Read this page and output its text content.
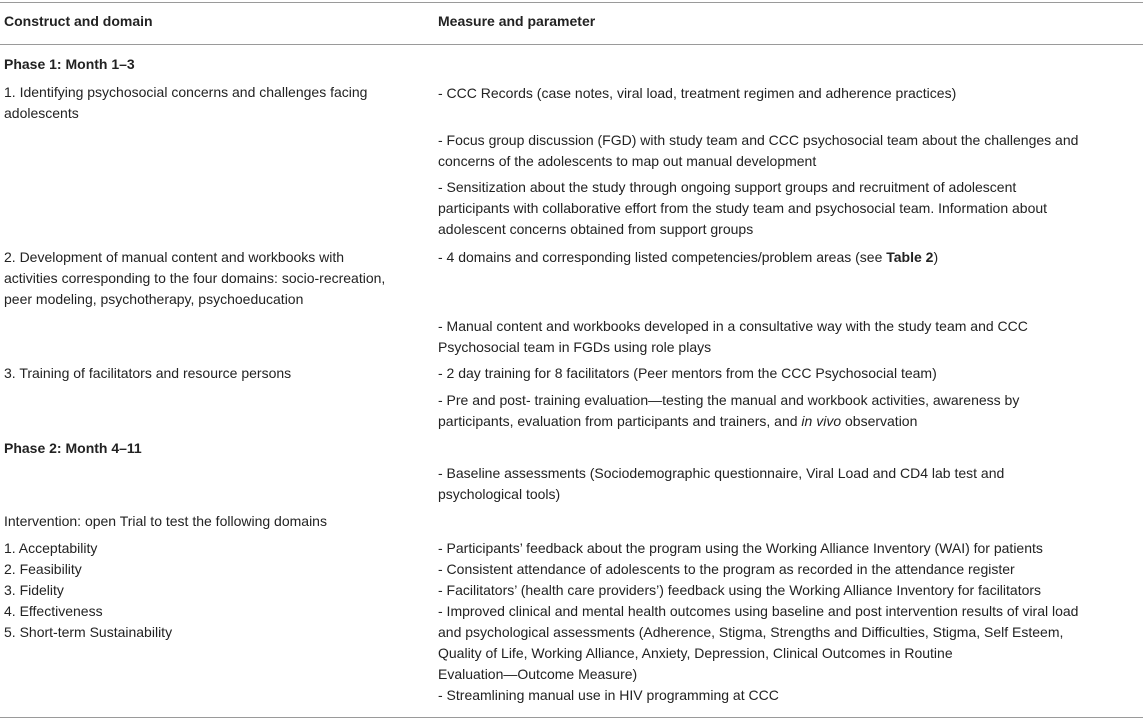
Construct and domain	Measure and parameter
Phase 1: Month 1–3
1. Identifying psychosocial concerns and challenges facing
adolescents
- CCC Records (case notes, viral load, treatment regimen and adherence practices)
- Focus group discussion (FGD) with study team and CCC psychosocial team about the challenges and
concerns of the adolescents to map out manual development
- Sensitization about the study through ongoing support groups and recruitment of adolescent
participants with collaborative effort from the study team and psychosocial team. Information about
adolescent concerns obtained from support groups
2. Development of manual content and workbooks with
activities corresponding to the four domains: socio-recreation,
peer modeling, psychotherapy, psychoeducation
- 4 domains and corresponding listed competencies/problem areas (see Table 2)
- Manual content and workbooks developed in a consultative way with the study team and CCC
Psychosocial team in FGDs using role plays
3. Training of facilitators and resource persons	- 2 day training for 8 facilitators (Peer mentors from the CCC Psychosocial team)
- Pre and post- training evaluation—testing the manual and workbook activities, awareness by
participants, evaluation from participants and trainers, and in vivo observation
Phase 2: Month 4–11
- Baseline assessments (Sociodemographic questionnaire, Viral Load and CD4 lab test and
psychological tools)
Intervention: open Trial to test the following domains
1. Acceptability
2. Feasibility
3. Fidelity
4. Effectiveness
5. Short-term Sustainability
- Participants’ feedback about the program using the Working Alliance Inventory (WAI) for patients
- Consistent attendance of adolescents to the program as recorded in the attendance register
- Facilitators’ (health care providers’) feedback using the Working Alliance Inventory for facilitators
- Improved clinical and mental health outcomes using baseline and post intervention results of viral load
and psychological assessments (Adherence, Stigma, Strengths and Difficulties, Stigma, Self Esteem,
Quality of Life, Working Alliance, Anxiety, Depression, Clinical Outcomes in Routine
Evaluation—Outcome Measure)
- Streamlining manual use in HIV programming at CCC
